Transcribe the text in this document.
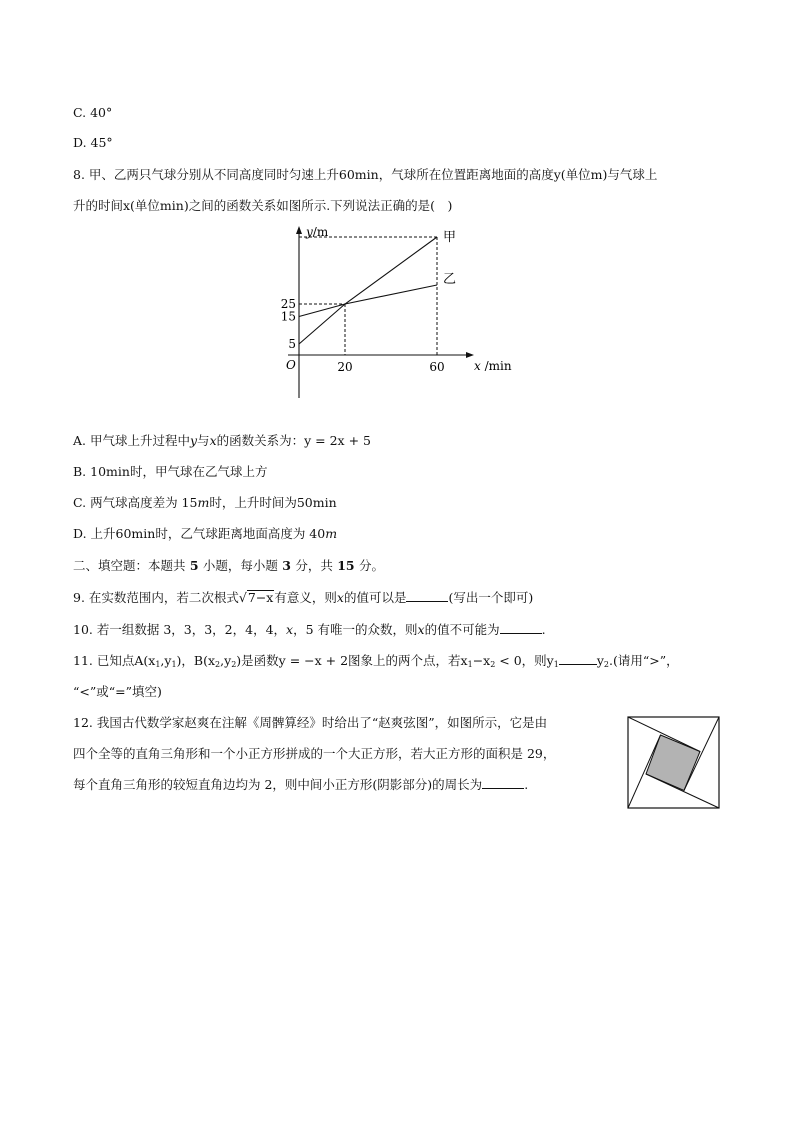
C. 40°
D. 45°
8. 甲、乙两只气球分别从不同高度同时匀速上升60min，气球所在位置距离地面的高度y(单位m)与气球上
升的时间x(单位min)之间的函数关系如图所示.下列说法正确的是(　)
y/m
x /min
O	20	60
5
15
25
甲
乙
A. 甲气球上升过程中y与x的函数关系为：y = 2x + 5
B. 10min时，甲气球在乙气球上方
C. 两气球高度差为 15m时，上升时间为50min
D. 上升60min时，乙气球距离地面高度为 40m
二、填空题：本题共 5 小题，每小题 3 分，共 15 分。
9. 在实数范围内，若二次根式√7−x有意义，则x的值可以是	(写出一个即可)
10. 若一组数据 3，3，3，2，4，4，x，5 有唯一的众数，则x的值不可能为	.
11. 已知点$A(x_1,y_1)$，$B(x_2,y_2)$是函数y = −x + 2图象上的两个点，若$x_1-x_2 < 0$，则$y_1$	$y_2$.(请用“>”，
“<”或“=”填空)
12. 我国古代数学家赵爽在注解《周髀算经》时给出了“赵爽弦图”，如图所示，它是由
四个全等的直角三角形和一个小正方形拼成的一个大正方形，若大正方形的面积是 29，
每个直角三角形的较短直角边均为 2，则中间小正方形(阴影部分)的周长为	.
